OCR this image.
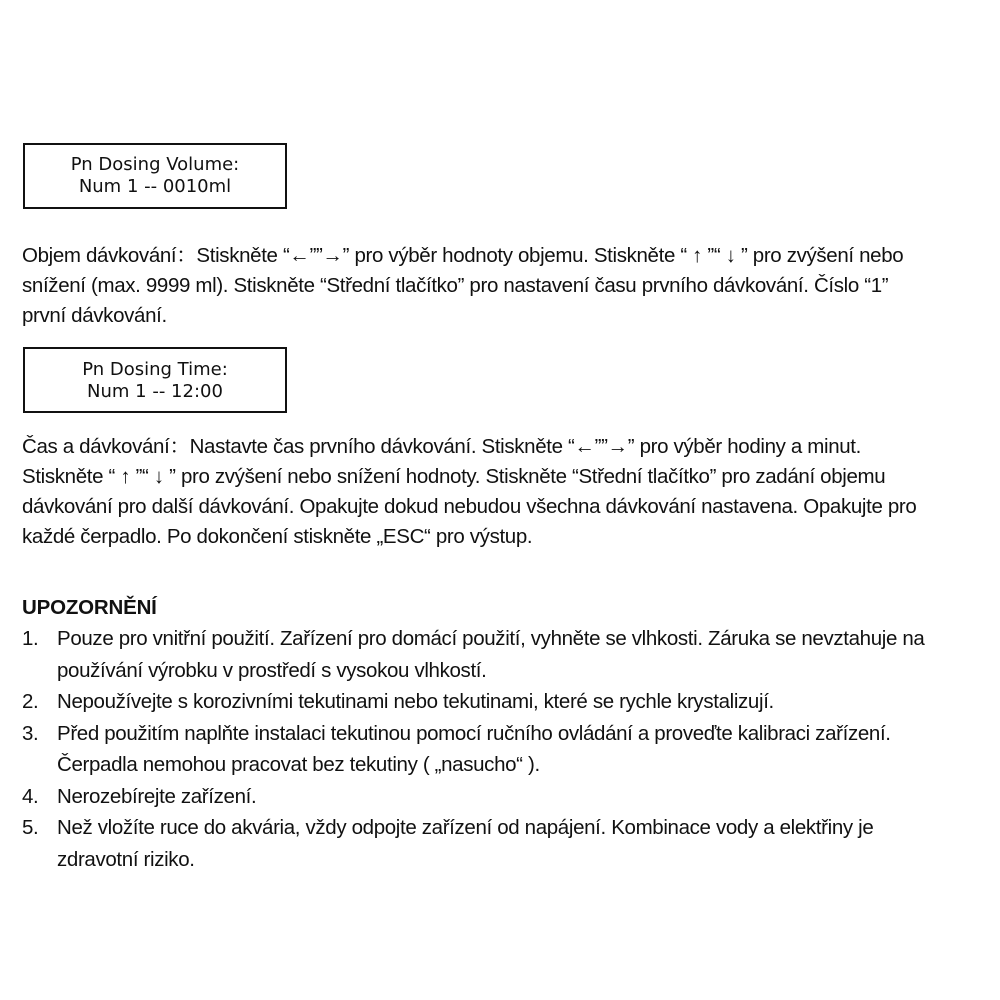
Pn Dosing Volume:
Num 1 -- 0010ml
Objem dávkování：Stiskněte “←””→” pro výběr hodnoty objemu. Stiskněte “ ↑ ”“ ↓ ” pro zvýšení nebo
snížení (max. 9999 ml). Stiskněte “Střední tlačítko” pro nastavení času prvního dávkování. Číslo “1”
první dávkování.
Pn Dosing Time:
Num 1 -- 12:00
Čas a dávkování：Nastavte čas prvního dávkování. Stiskněte “←””→” pro výběr hodiny a minut.
Stiskněte “ ↑ ”“ ↓ ” pro zvýšení nebo snížení hodnoty. Stiskněte “Střední tlačítko” pro zadání objemu
dávkování pro další dávkování. Opakujte dokud nebudou všechna dávkování nastavena. Opakujte pro
každé čerpadlo. Po dokončení stiskněte „ESC“ pro výstup.
UPOZORNĚNÍ
1. Pouze pro vnitřní použití. Zařízení pro domácí použití, vyhněte se vlhkosti. Záruka se nevztahuje na
používání výrobku v prostředí s vysokou vlhkostí.
2. Nepoužívejte s korozivními tekutinami nebo tekutinami, které se rychle krystalizují.
3. Před použitím naplňte instalaci tekutinou pomocí ručního ovládání a proveďte kalibraci zařízení.
Čerpadla nemohou pracovat bez tekutiny ( „nasucho“ ).
4. Nerozebírejte zařízení.
5. Než vložíte ruce do akvária, vždy odpojte zařízení od napájení. Kombinace vody a elektřiny je
zdravotní riziko.
